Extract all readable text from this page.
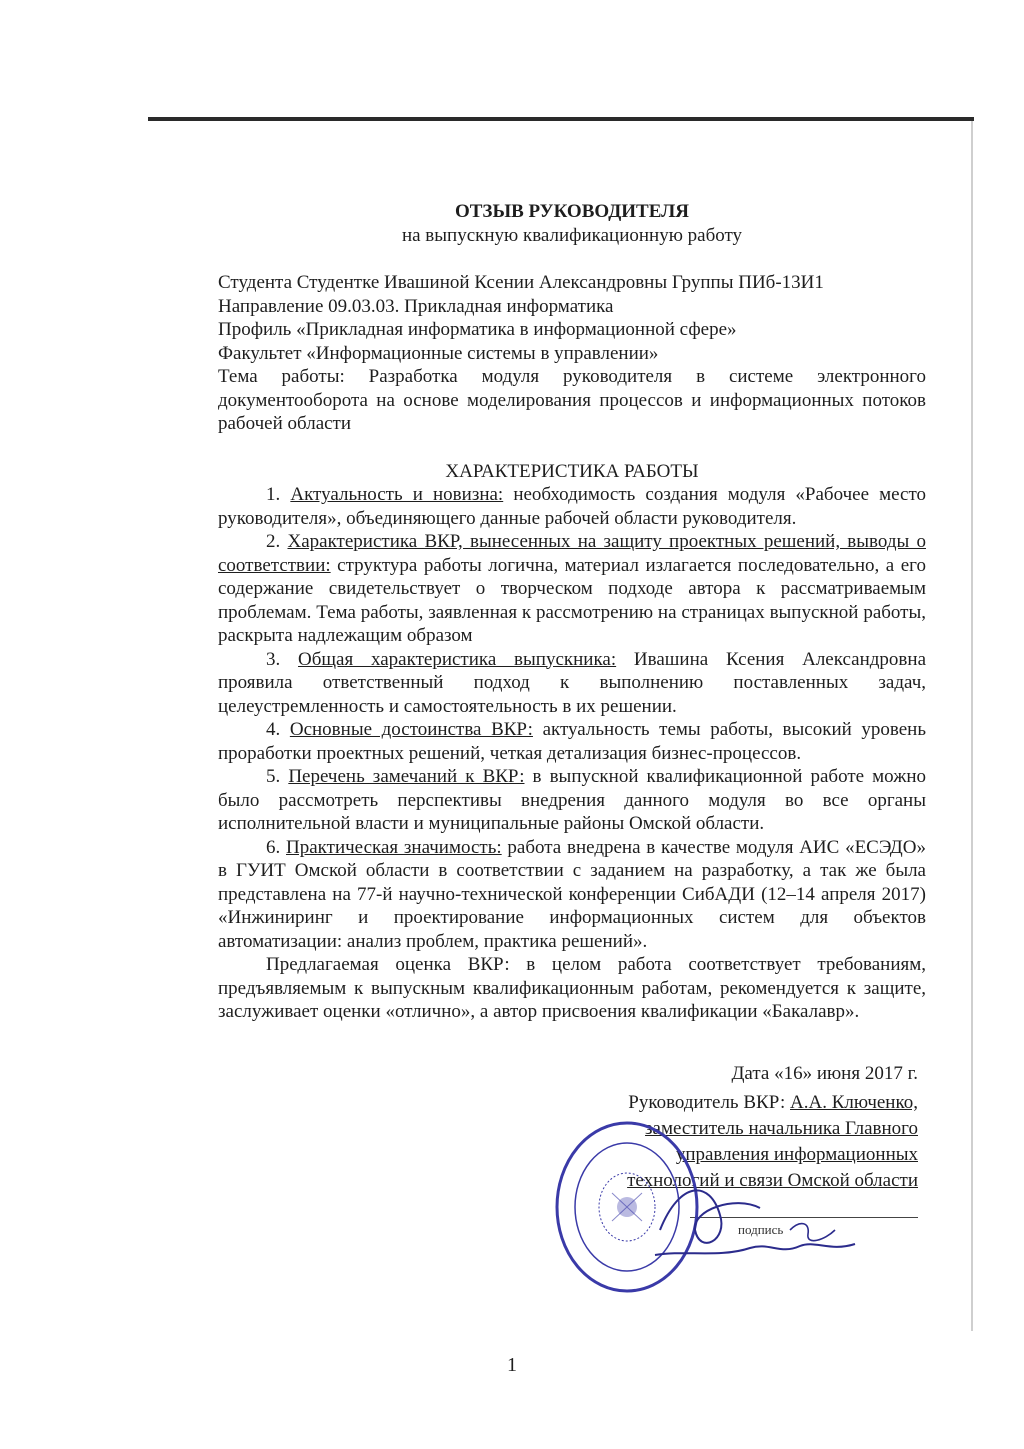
ОТЗЫВ РУКОВОДИТЕЛЯ

на выпускную квалификационную работу

Студента Студентке Ивашиной Ксении Александровны Группы ПИб-13И1

Направление 09.03.03. Прикладная информатика

Профиль «Прикладная информатика в информационной сфере»

Факультет «Информационные системы в управлении»

Тема работы: Разработка модуля руководителя в системе электронного документооборота на основе моделирования процессов и информационных потоков рабочей области

ХАРАКТЕРИСТИКА РАБОТЫ

1. Актуальность и новизна: необходимость создания модуля «Рабочее место руководителя», объединяющего данные рабочей области руководителя.

2. Характеристика ВКР, вынесенных на защиту проектных решений, выводы о соответствии: структура работы логична, материал излагается последовательно, а его содержание свидетельствует о творческом подходе автора к рассматриваемым проблемам. Тема работы, заявленная к рассмотрению на страницах выпускной работы, раскрыта надлежащим образом

3. Общая характеристика выпускника: Ивашина Ксения Александровна проявила ответственный подход к выполнению поставленных задач, целеустремленность и самостоятельность в их решении.

4. Основные достоинства ВКР: актуальность темы работы, высокий уровень проработки проектных решений, четкая детализация бизнес-процессов.

5. Перечень замечаний к ВКР: в выпускной квалификационной работе можно было рассмотреть перспективы внедрения данного модуля во все органы исполнительной власти и муниципальные районы Омской области.

6. Практическая значимость: работа внедрена в качестве модуля АИС «ЕСЭДО» в ГУИТ Омской области в соответствии с заданием на разработку, а так же была представлена на 77-й научно-технической конференции СибАДИ (12–14 апреля 2017) «Инжиниринг и проектирование информационных систем для объектов автоматизации: анализ проблем, практика решений».

Предлагаемая оценка ВКР: в целом работа соответствует требованиям, предъявляемым к выпускным квалификационным работам, рекомендуется к защите, заслуживает оценки «отлично», а автор присвоения квалификации «Бакалавр».

Дата «16» июня 2017 г.

Руководитель ВКР: А.А. Ключенко,

заместитель начальника Главного

управления информационных

технологий и связи Омской области

подпись
1
